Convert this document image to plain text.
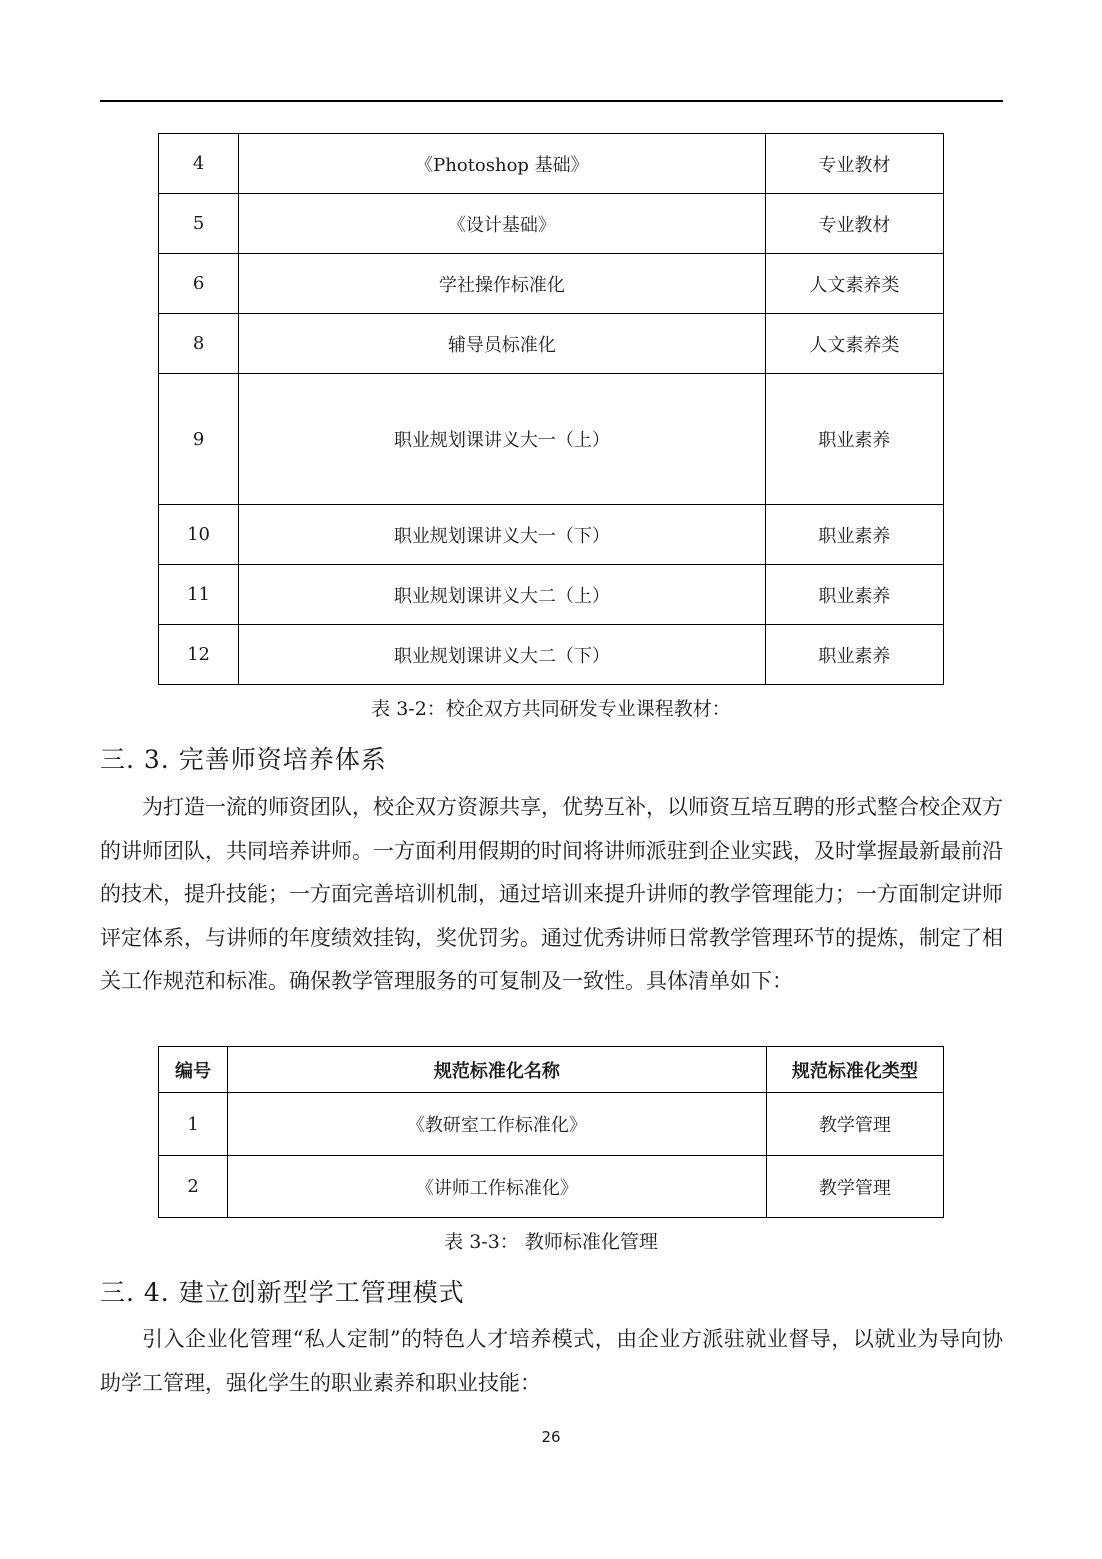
4	《Photoshop 基础》	专业教材
5	《设计基础》	专业教材
6	学社操作标准化	人文素养类
8	辅导员标准化	人文素养类
9	职业规划课讲义大一（上）	职业素养
10	职业规划课讲义大一（下）	职业素养
11	职业规划课讲义大二（上）	职业素养
12	职业规划课讲义大二（下）	职业素养
表 3-2：校企双方共同研发专业课程教材：
三. 3. 完善师资培养体系
为打造一流的师资团队，校企双方资源共享，优势互补，以师资互培互聘的形式整合校企双方的讲师团队，共同培养讲师。一方面利用假期的时间将讲师派驻到企业实践，及时掌握最新最前沿的技术，提升技能；一方面完善培训机制，通过培训来提升讲师的教学管理能力；一方面制定讲师评定体系，与讲师的年度绩效挂钩，奖优罚劣。通过优秀讲师日常教学管理环节的提炼，制定了相关工作规范和标准。确保教学管理服务的可复制及一致性。具体清单如下：
编号	规范标准化名称	规范标准化类型
1	《教研室工作标准化》	教学管理
2	《讲师工作标准化》	教学管理
表 3-3： 教师标准化管理
三. 4. 建立创新型学工管理模式
引入企业化管理“私人定制”的特色人才培养模式，由企业方派驻就业督导，以就业为导向协助学工管理，强化学生的职业素养和职业技能：
26
